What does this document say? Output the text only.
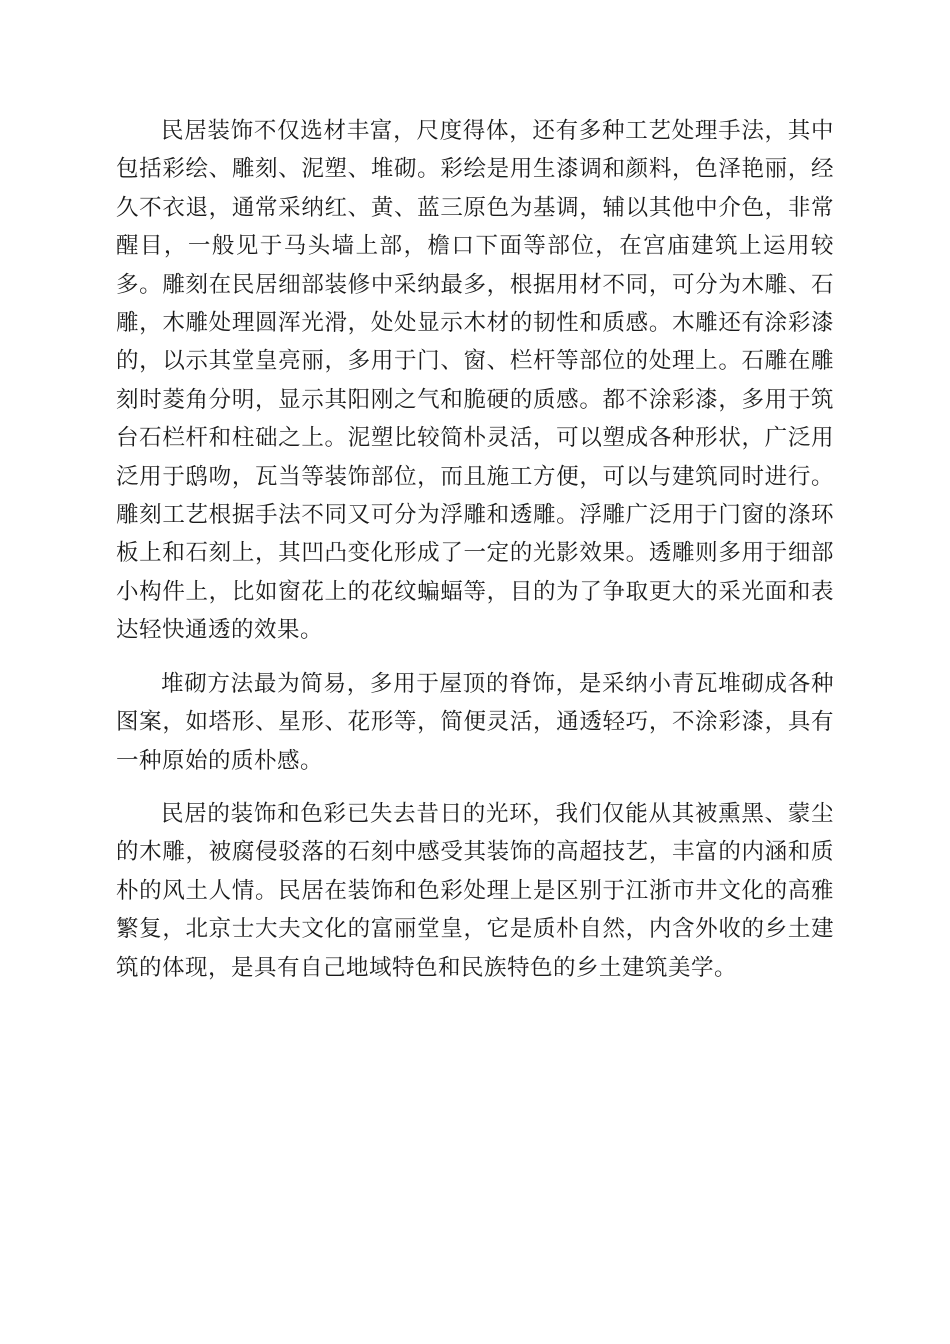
民居装饰不仅选材丰富，尺度得体，还有多种工艺处理手法，其中包括彩绘、雕刻、泥塑、堆砌。彩绘是用生漆调和颜料，色泽艳丽，经久不衣退，通常采纳红、黄、蓝三原色为基调，辅以其他中介色，非常醒目，一般见于马头墙上部，檐口下面等部位，在宫庙建筑上运用较多。雕刻在民居细部装修中采纳最多，根据用材不同，可分为木雕、石雕，木雕处理圆浑光滑，处处显示木材的韧性和质感。木雕还有涂彩漆的，以示其堂皇亮丽，多用于门、窗、栏杆等部位的处理上。石雕在雕刻时菱角分明，显示其阳刚之气和脆硬的质感。都不涂彩漆，多用于筑台石栏杆和柱础之上。泥塑比较简朴灵活，可以塑成各种形状，广泛用泛用于鸱吻，瓦当等装饰部位，而且施工方便，可以与建筑同时进行。雕刻工艺根据手法不同又可分为浮雕和透雕。浮雕广泛用于门窗的涤环板上和石刻上，其凹凸变化形成了一定的光影效果。透雕则多用于细部小构件上，比如窗花上的花纹蝙蝠等，目的为了争取更大的采光面和表达轻快通透的效果。

堆砌方法最为简易，多用于屋顶的脊饰，是采纳小青瓦堆砌成各种图案，如塔形、星形、花形等，简便灵活，通透轻巧，不涂彩漆，具有一种原始的质朴感。

民居的装饰和色彩已失去昔日的光环，我们仅能从其被熏黑、蒙尘的木雕，被腐侵驳落的石刻中感受其装饰的高超技艺，丰富的内涵和质朴的风土人情。民居在装饰和色彩处理上是区别于江浙市井文化的高雅繁复，北京士大夫文化的富丽堂皇，它是质朴自然，内含外收的乡土建筑的体现，是具有自己地域特色和民族特色的乡土建筑美学。
